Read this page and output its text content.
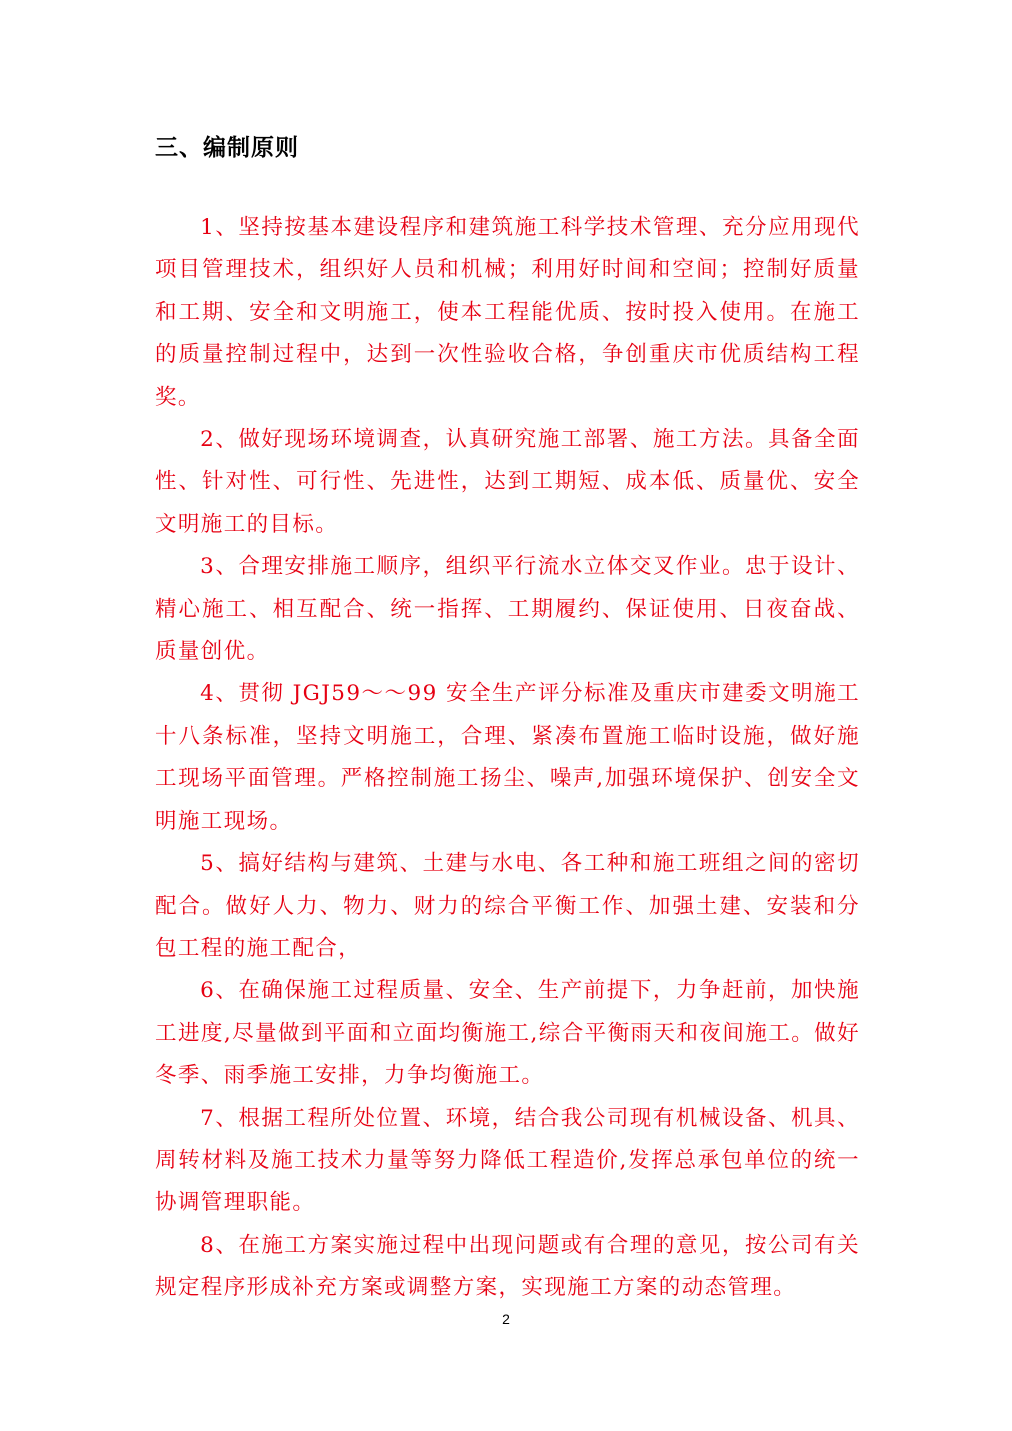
三、编制原则

1、坚持按基本建设程序和建筑施工科学技术管理、充分应用现代项目管理技术，组织好人员和机械；利用好时间和空间；控制好质量和工期、安全和文明施工，使本工程能优质、按时投入使用。在施工的质量控制过程中，达到一次性验收合格，争创重庆市优质结构工程奖。

2、做好现场环境调查，认真研究施工部署、施工方法。具备全面性、针对性、可行性、先进性，达到工期短、成本低、质量优、安全文明施工的目标。

3、合理安排施工顺序，组织平行流水立体交叉作业。忠于设计、精心施工、相互配合、统一指挥、工期履约、保证使用、日夜奋战、质量创优。

4、贯彻 JGJ59～～99 安全生产评分标准及重庆市建委文明施工十八条标准，坚持文明施工，合理、紧凑布置施工临时设施，做好施工现场平面管理。严格控制施工扬尘、噪声,加强环境保护、创安全文明施工现场。

5、搞好结构与建筑、土建与水电、各工种和施工班组之间的密切配合。做好人力、物力、财力的综合平衡工作、加强土建、安装和分包工程的施工配合，

6、在确保施工过程质量、安全、生产前提下，力争赶前，加快施工进度,尽量做到平面和立面均衡施工,综合平衡雨天和夜间施工。做好冬季、雨季施工安排，力争均衡施工。

7、根据工程所处位置、环境，结合我公司现有机械设备、机具、周转材料及施工技术力量等努力降低工程造价,发挥总承包单位的统一协调管理职能。

8、在施工方案实施过程中出现问题或有合理的意见，按公司有关规定程序形成补充方案或调整方案，实现施工方案的动态管理。

2
